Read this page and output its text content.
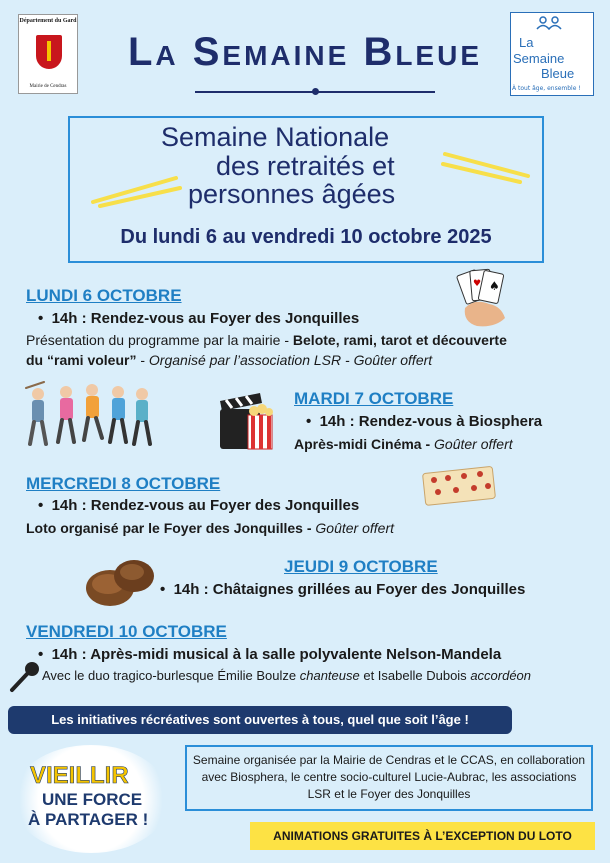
Département du Gard
Mairie de Cendras
La Semaine Bleue	La
Semaine
Bleue
À tout âge, ensemble !
Semaine Nationale
des retraités et
personnes âgées
Du lundi 6 au vendredi 10 octobre 2025
LUNDI 6 OCTOBRE
•  14h : Rendez-vous au Foyer des Jonquilles
Présentation du programme par la mairie - Belote, rami, tarot et découverte
du “rami voleur” - Organisé par l’association LSR - Goûter offert
♠
♥
MARDI 7 OCTOBRE
•  14h : Rendez-vous à Biosphera
Après-midi Cinéma - Goûter offert
MERCREDI 8 OCTOBRE
•  14h : Rendez-vous au Foyer des Jonquilles
Loto organisé par le Foyer des Jonquilles - Goûter offert
JEUDI 9 OCTOBRE
•  14h : Châtaignes grillées au Foyer des Jonquilles
VENDREDI 10 OCTOBRE
•  14h : Après-midi musical à la salle polyvalente Nelson-Mandela
Avec le duo tragico-burlesque Émilie Boulze chanteuse et Isabelle Dubois accordéon
Les initiatives récréatives sont ouvertes à tous, quel que soit l’âge !
VIEILLIR
UNE FORCE
À PARTAGER !
Semaine organisée par la Mairie de Cendras et le CCAS, en collaboration avec Biosphera, le centre socio-culturel Lucie-Aubrac, les associations LSR et le Foyer des Jonquilles
ANIMATIONS GRATUITES À L’EXCEPTION DU LOTO
